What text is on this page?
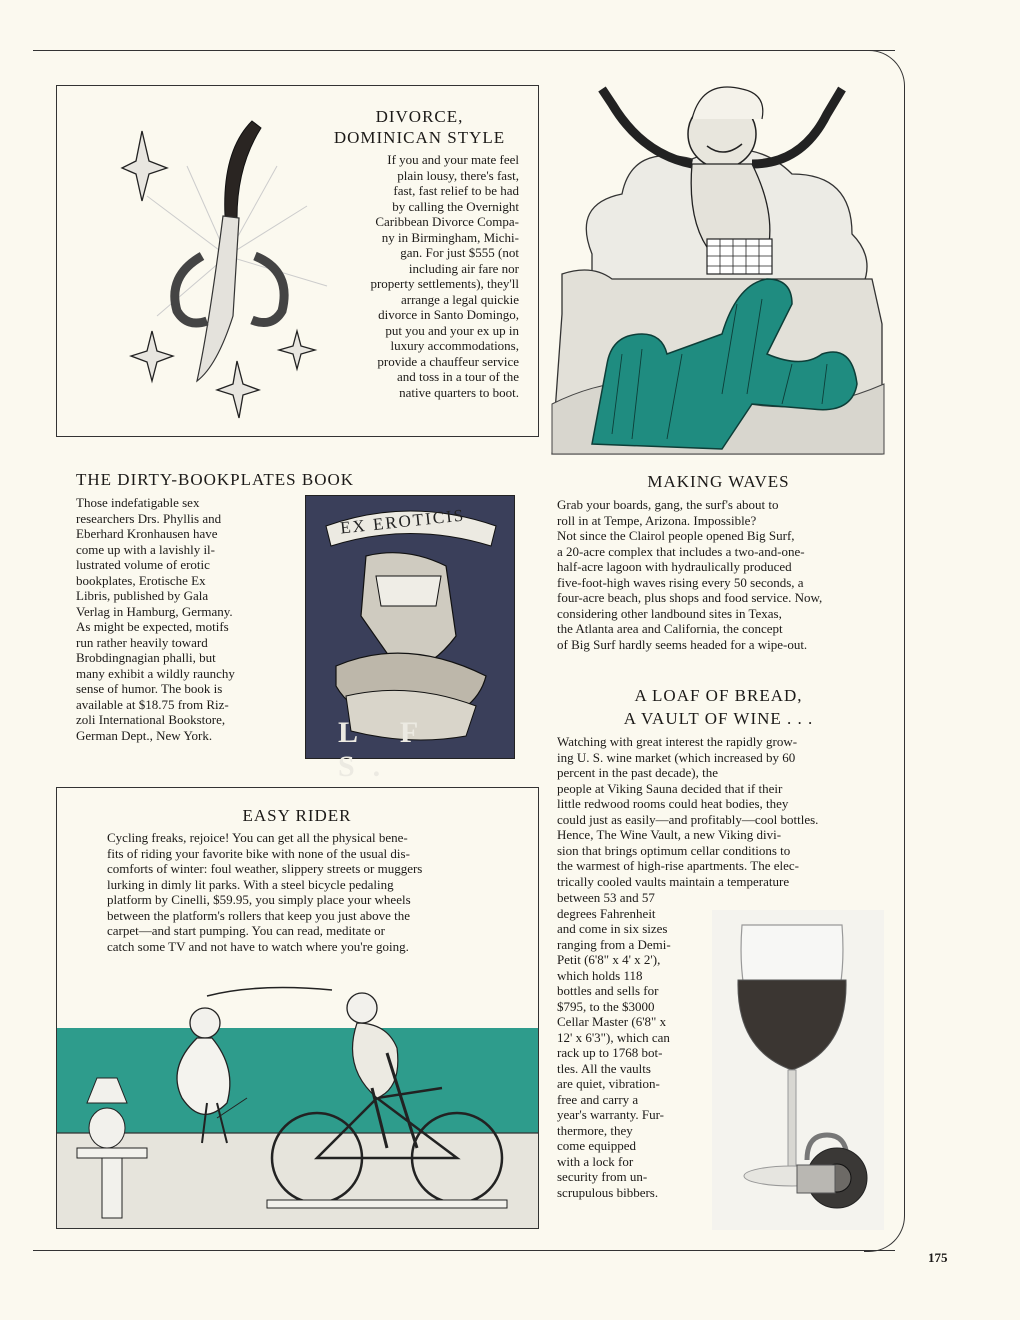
DIVORCE,
DOMINICAN STYLE
If you and your mate feel
plain lousy, there's fast,
fast, fast relief to be had
by calling the Overnight
Caribbean Divorce Compa-
ny in Birmingham, Michi-
gan. For just $555 (not
including air fare nor
property settlements), they'll
arrange a legal quickie
divorce in Santo Domingo,
put you and your ex up in
luxury accommodations,
provide a chauffeur service
and toss in a tour of the
native quarters to boot.
THE DIRTY-BOOKPLATES BOOK
Those indefatigable sex
researchers Drs. Phyllis and
Eberhard Kronhausen have
come up with a lavishly il-
lustrated volume of erotic
bookplates, Erotische Ex
Libris, published by Gala
Verlag in Hamburg, Germany.
As might be expected, motifs
run rather heavily toward
Brobdingnagian phalli, but
many exhibit a wildly raunchy
sense of humor. The book is
available at $18.75 from Riz-
zoli International Bookstore,
German Dept., New York.
EX EROTICIS
L F S.
MAKING WAVES
Grab your boards, gang, the surf's about to
roll in at Tempe, Arizona. Impossible?
Not since the Clairol people opened Big Surf,
a 20-acre complex that includes a two-and-one-
half-acre lagoon with hydraulically produced
five-foot-high waves rising every 50 seconds, a
four-acre beach, plus shops and food service. Now,
considering other landbound sites in Texas,
the Atlanta area and California, the concept
of Big Surf hardly seems headed for a wipe-out.
A LOAF OF BREAD,
A VAULT OF WINE . . .
Watching with great interest the rapidly grow-
ing U. S. wine market (which increased by 60
percent in the past decade), the
people at Viking Sauna decided that if their
little redwood rooms could heat bodies, they
could just as easily—and profitably—cool bottles.
Hence, The Wine Vault, a new Viking divi-
sion that brings optimum cellar conditions to
the warmest of high-rise apartments. The elec-
trically cooled vaults maintain a temperature
between 53 and 57
degrees Fahrenheit
and come in six sizes
ranging from a Demi-
Petit (6'8" x 4' x 2'),
which holds 118
bottles and sells for
$795, to the $3000
Cellar Master (6'8" x
12' x 6'3"), which can
rack up to 1768 bot-
tles. All the vaults
are quiet, vibration-
free and carry a
year's warranty. Fur-
thermore, they
come equipped
with a lock for
security from un-
scrupulous bibbers.
EASY RIDER
Cycling freaks, rejoice! You can get all the physical bene-
fits of riding your favorite bike with none of the usual dis-
comforts of winter: foul weather, slippery streets or muggers
lurking in dimly lit parks. With a steel bicycle pedaling
platform by Cinelli, $59.95, you simply place your wheels
between the platform's rollers that keep you just above the
carpet—and start pumping. You can read, meditate or
catch some TV and not have to watch where you're going.
175
